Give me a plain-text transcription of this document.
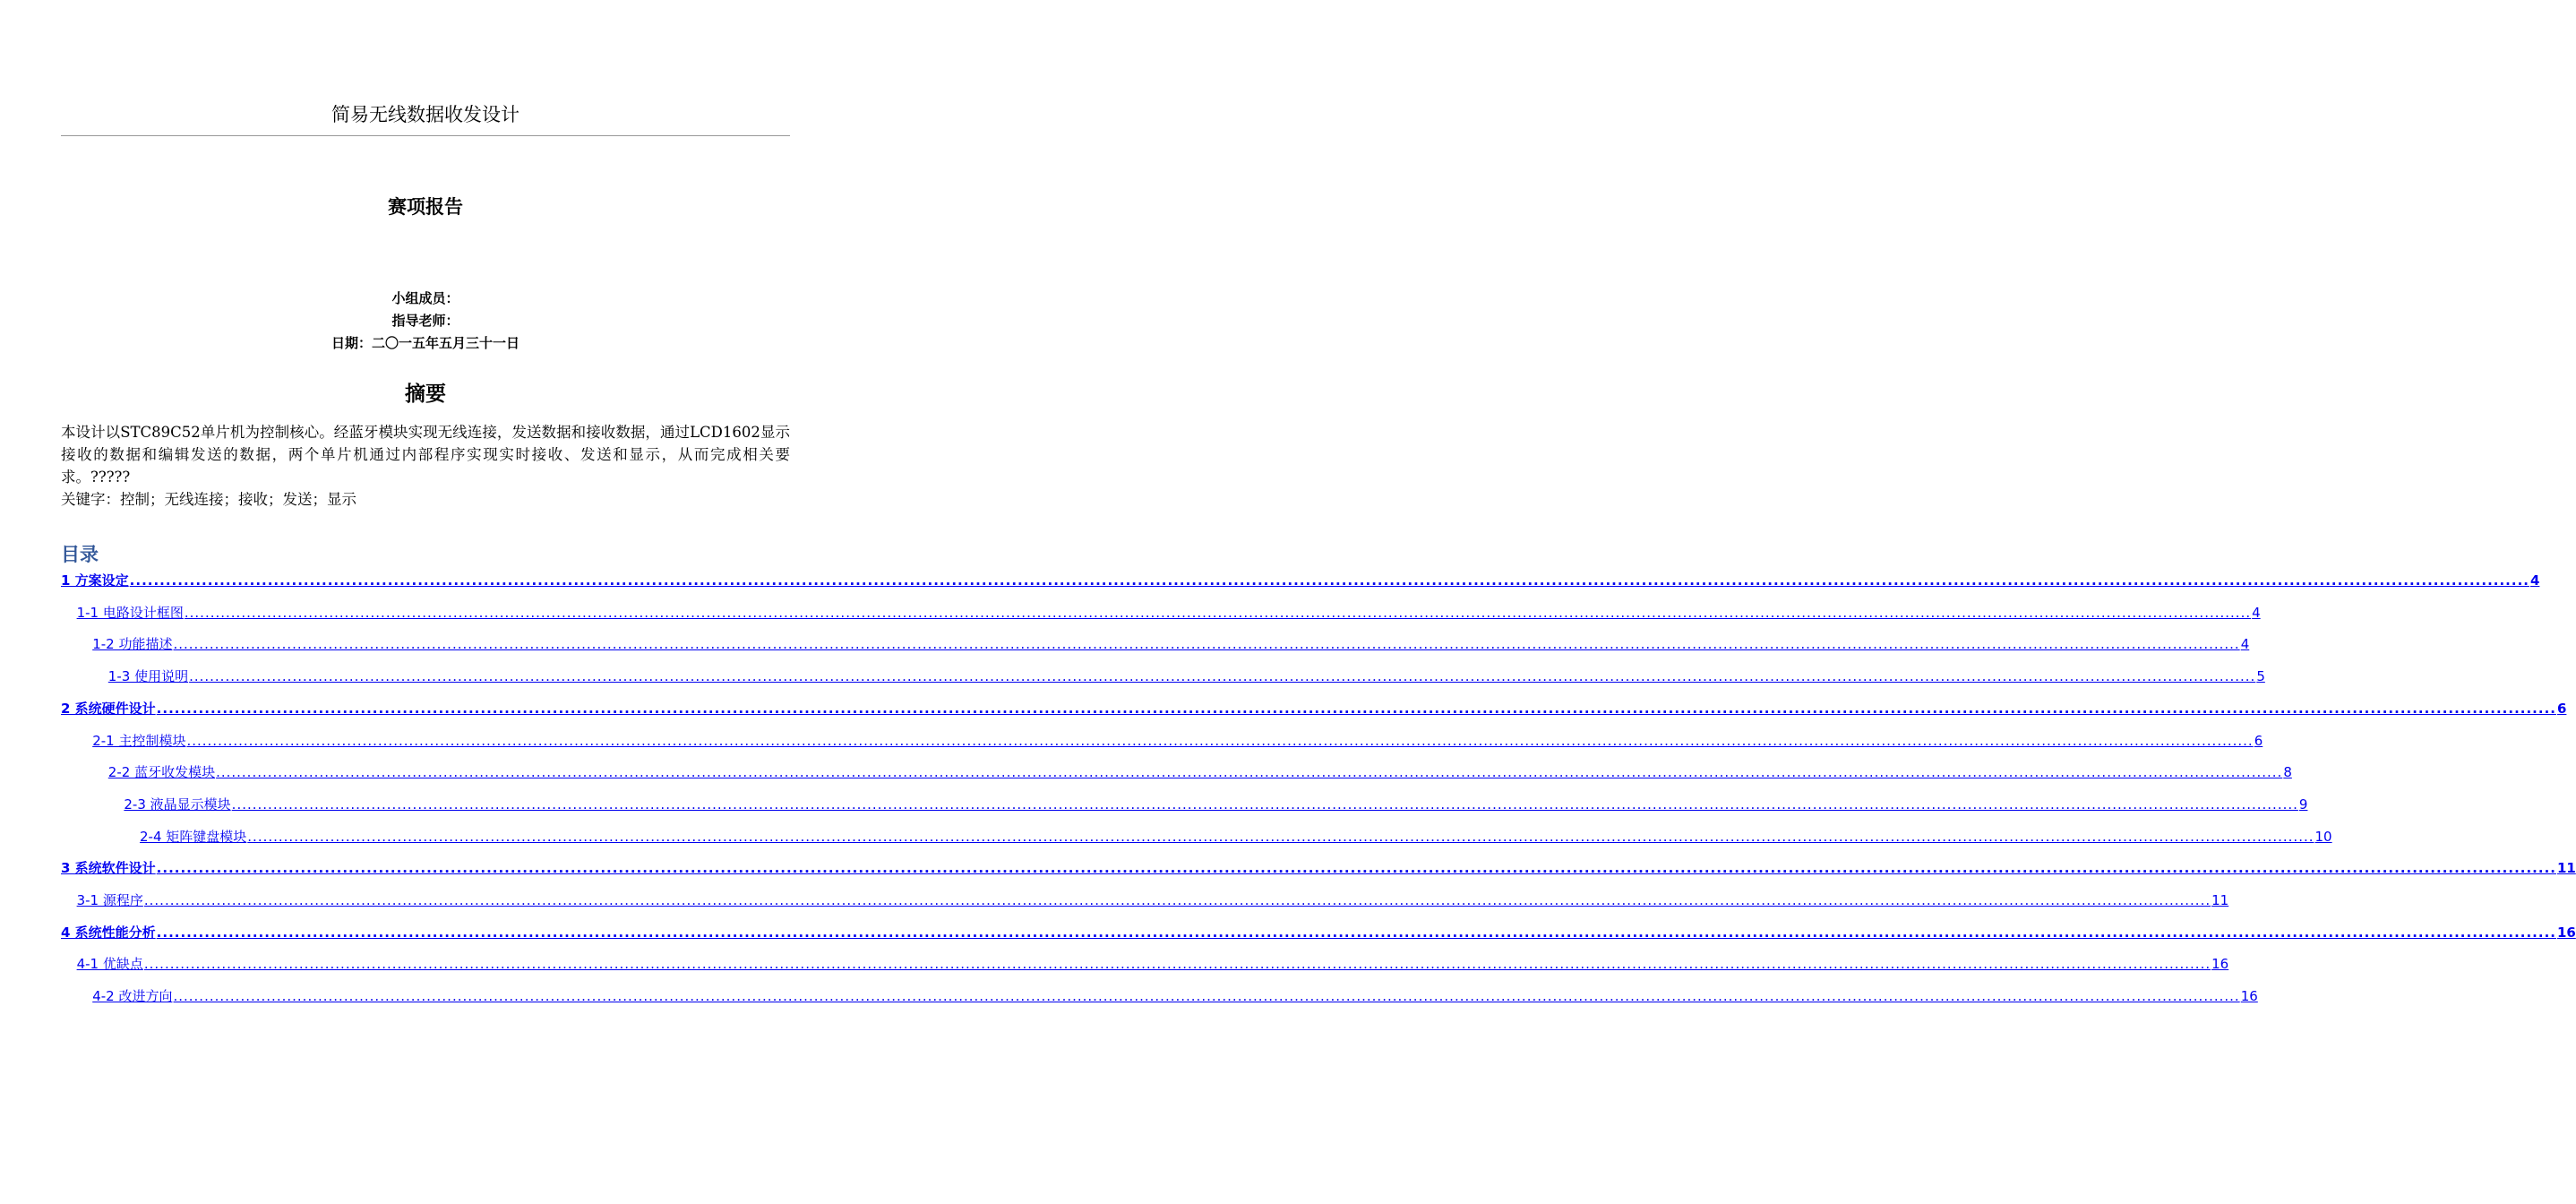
简易无线数据收发设计
赛项报告
小组成员：
指导老师：
日期：二〇一五年五月三十一日
摘要
本设计以STC89C52单片机为控制核心。经蓝牙模块实现无线连接，发送数据和接收数据，通过LCD1602显示接收的数据和编辑发送的数据，两个单片机通过内部程序实现实时接收、发送和显示，从而完成相关要求。?????
关键字：控制；无线连接；接收；发送；显示
目录
1 方案设定 ................................................................................................................................................................................................................................................................................................................................................................................................................ 4
1-1 电路设计框图 ................................................................................................................................................................................................................................................................................................................................................................................................................ 4
1-2 功能描述 ................................................................................................................................................................................................................................................................................................................................................................................................................ 4
1-3 使用说明 ................................................................................................................................................................................................................................................................................................................................................................................................................ 5
2 系统硬件设计 ................................................................................................................................................................................................................................................................................................................................................................................................................ 6
2-1 主控制模块 ................................................................................................................................................................................................................................................................................................................................................................................................................ 6
2-2 蓝牙收发模块 ................................................................................................................................................................................................................................................................................................................................................................................................................ 8
2-3 液晶显示模块 ................................................................................................................................................................................................................................................................................................................................................................................................................ 9
2-4 矩阵键盘模块 ................................................................................................................................................................................................................................................................................................................................................................................................................ 10
3 系统软件设计 ................................................................................................................................................................................................................................................................................................................................................................................................................ 11
3-1 源程序 ................................................................................................................................................................................................................................................................................................................................................................................................................ 11
4 系统性能分析 ................................................................................................................................................................................................................................................................................................................................................................................................................ 16
4-1 优缺点 ................................................................................................................................................................................................................................................................................................................................................................................................................ 16
4-2 改进方向 ................................................................................................................................................................................................................................................................................................................................................................................................................ 16
